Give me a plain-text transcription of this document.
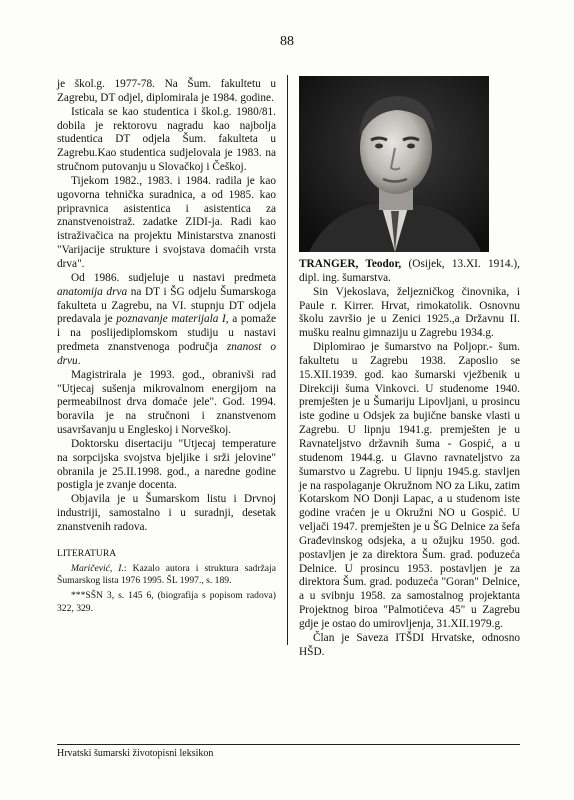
88

je škol.g. 1977-78. Na Šum. fakultetu u Zagrebu, DT odjel, diplomirala je 1984. godine.

Isticala se kao studentica i škol.g. 1980/81. dobila je rektorovu nagradu kao najbolja studentica DT odjela Šum. fakulteta u Zagrebu.Kao studentica sudjelovala je 1983. na stručnom putovanju u Slovačkoj i Češkoj.

Tijekom 1982., 1983. i 1984. radila je kao ugovorna tehnička suradnica, a od 1985. kao pripravnica asistentica i asistentica za znanstvenoistraž. zadatke ZIDI-ja. Radi kao istraživačica na projektu Ministarstva znanosti "Varijacije strukture i svojstava domaćih vrsta drva".

Od 1986. sudjeluje u nastavi predmeta anatomija drva na DT i ŠG odjelu Šumarskoga fakulteta u Zagrebu, na VI. stupnju DT odjela predavala je poznavanje materijala I, a pomaže i na poslijediplomskom studiju u nastavi predmeta znanstvenoga područja znanost o drvu.

Magistrirala je 1993. god., obranivši rad "Utjecaj sušenja mikrovalnom energijom na permeabilnost drva domaće jele". God. 1994. boravila je na stručnoni i znanstvenom usavršavanju u Engleskoj i Norveškoj.

Doktorsku disertaciju "Utjecaj temperature na sorpcijska svojstva bjeljike i srži jelovine" obranila je 25.II.1998. god., a naredne godine postigla je zvanje docenta.

Objavila je u Šumarskom listu i Drvnoj industriji, samostalno i u suradnji, desetak znanstvenih radova.

LITERATURA

Maričević, I.: Kazalo autora i struktura sadržaja Šumarskog lista 1976 1995. ŠL 1997., s. 189.

***SŠN 3, s. 145 6, (biografija s popisom radova) 322, 329.

TRANGER, Teodor, (Osijek, 13.XI. 1914.), dipl. ing. šumarstva.

Sin Vjekoslava, željezničkog činovnika, i Paule r. Kirrer. Hrvat, rimokatolik. Osnovnu školu završio je u Zenici 1925.,a Državnu II. mušku realnu gimnaziju u Zagrebu 1934.g.

Diplomirao je šumarstvo na Poljopr.- šum. fakultetu u Zagrebu 1938. Zaposlio se 15.XII.1939. god. kao šumarski vježbenik u Direkciji šuma Vinkovci. U studenome 1940. premješten je u Šumariju Lipovljani, u prosincu iste godine u Odsjek za bujične banske vlasti u Zagrebu. U lipnju 1941.g. premješten je u Ravnateljstvo državnih šuma - Gospić, a u studenom 1944.g. u Glavno ravnateljstvo za šumarstvo u Zagrebu. U lipnju 1945.g. stavljen je na raspolaganje Okružnom NO za Liku, zatim Kotarskom NO Donji Lapac, a u studenom iste godine vraćen je u Okružni NO u Gospić. U veljači 1947. premješten je u ŠG Delnice za šefa Građevinskog odsjeka, a u ožujku 1950. god. postavljen je za direktora Šum. grad. poduzeća Delnice. U prosincu 1953. postavljen je za direktora Šum. grad. poduzeća "Goran" Delnice, a u svibnju 1958. za samostalnog projektanta Projektnog biroa "Palmotićeva 45" u Zagrebu gdje je ostao do umirovljenja, 31.XII.1979.g.

Član je Saveza ITŠDI Hrvatske, odnosno HŠD.

Hrvatski šumarski životopisni leksikon
